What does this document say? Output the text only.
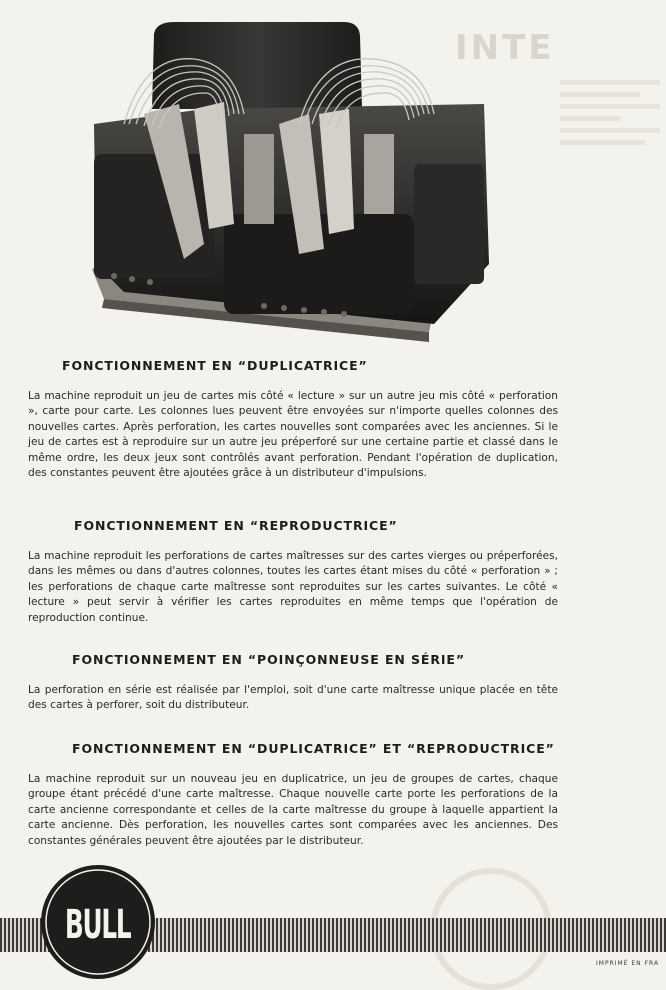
INTE

FONCTIONNEMENT EN “DUPLICATRICE”

La machine reproduit un jeu de cartes mis côté « lecture » sur un autre jeu mis côté « perforation », carte pour carte. Les colonnes lues peuvent être envoyées sur n'importe quelles colonnes des nouvelles cartes. Après perforation, les cartes nouvelles sont comparées avec les anciennes. Si le jeu de cartes est à reproduire sur un autre jeu préperforé sur une certaine partie et classé dans le même ordre, les deux jeux sont contrôlés avant perforation. Pendant l'opération de duplication, des constantes peuvent être ajoutées grâce à un distributeur d'impulsions.

FONCTIONNEMENT EN “REPRODUCTRICE”

La machine reproduit les perforations de cartes maîtresses sur des cartes vierges ou préperforées, dans les mêmes ou dans d'autres colonnes, toutes les cartes étant mises du côté « perforation » ; les perforations de chaque carte maîtresse sont reproduites sur les cartes suivantes. Le côté « lecture » peut servir à vérifier les cartes reproduites en même temps que l'opération de reproduction continue.

FONCTIONNEMENT EN “POINÇONNEUSE EN SÉRIE”

La perforation en série est réalisée par l'emploi, soit d'une carte maîtresse unique placée en tête des cartes à perforer, soit du distributeur.

FONCTIONNEMENT EN “DUPLICATRICE” ET “REPRODUCTRICE”

La machine reproduit sur un nouveau jeu en duplicatrice, un jeu de groupes de cartes, chaque groupe étant précédé d'une carte maîtresse. Chaque nouvelle carte porte les perforations de la carte ancienne correspondante et celles de la carte maîtresse du groupe à laquelle appartient la carte ancienne. Dès perforation, les nouvelles cartes sont comparées avec les anciennes. Des constantes générales peuvent être ajoutées par le distributeur.

BULL
IMPRIMÉ EN FRA
